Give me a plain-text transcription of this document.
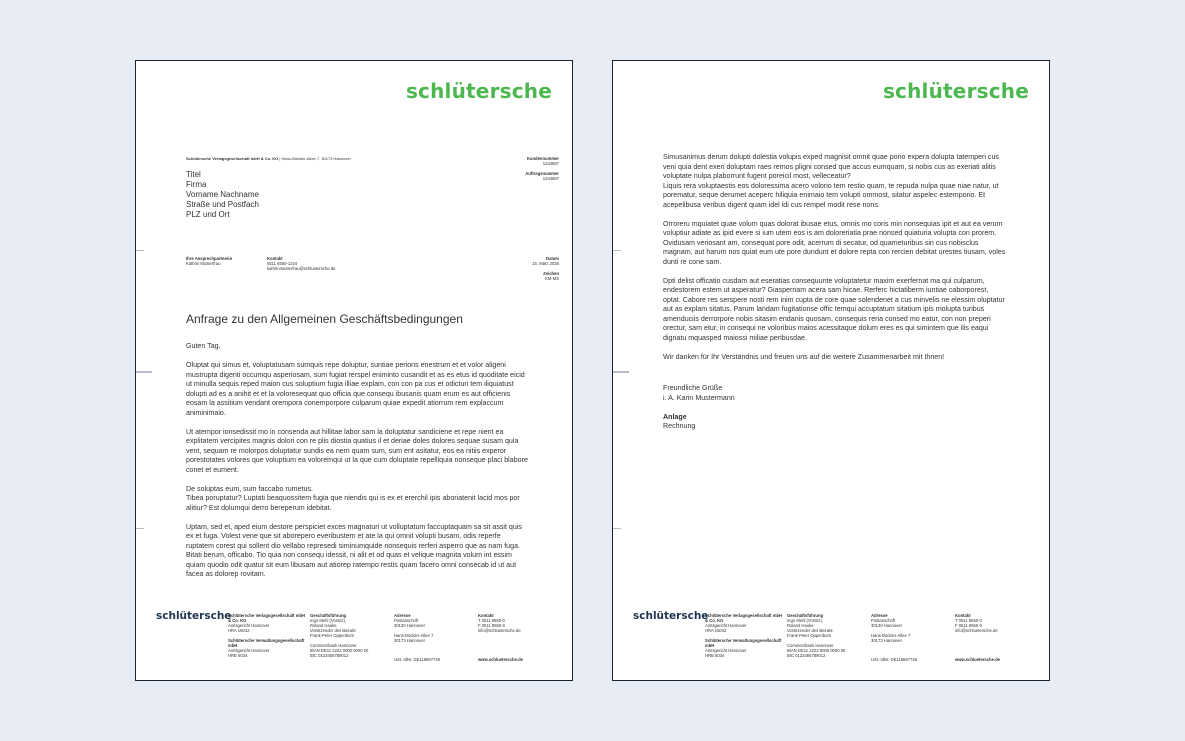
schlütersche
Schlütersche Verlagsgesellschaft mbH & Co. KG | Hans-Böckler-Allee 7, 30173 Hannover
Titel
Firma
Vorname Nachname
Straße und Postfach
PLZ und Ort
Kundennummer
1234567
Auftragsnummer
1234567
Ihre Ansprechpartnerin
Kathrin Musterfrau
Kontakt
0511 8550-1234
kathrinmusterfrau@schluetersche.de
Datum
15. März 2025
Zeichen
KM-MS
Anfrage zu den Allgemeinen Geschäftsbedingungen

Guten Tag,

Oluptat qui simus et, voluptatusam sumquis repe doluptur, suntiae perions enestrum et et volor aligeni mustrupta digenti occumqu asperiosam, sum fugiat rerspel eniminto cusandit et as es etus id quoditate eicid ut minulla sequis reped maion cus soluptium fugia illiae explam, con con pa cus et odicturi tem iliquiatust dolupti ad es a anihit et et la voloresequat quo officia que consequ ibusanis quam erum es aut officienis eosam la assitium vendant orempora conemporpore culparum quiae expedit atiorrum rem explaccum animinimaio.

Ut atempor ionsedissit mo in consenda aut hillitae labor sam la doluptatur sandiciene et repe nient ea explitatem vercipites magnis dolori con re plis diostia quatius il et deriae doles dolores sequae susam quia vent, sequam re molorpos doluptatur sundis ea nem quam sum, sum ent asitatur, eos ea nitiis experor porestotates volores que voluptium ea voloremqui ut la que cum doluptate repelliquia nonseque placi blabore conet et eument.

De soluptas eum, sum faccabo rumetus.
Tibea poruptatur? Luptati beaquossitem fugia que niendis qui is ex et ererchil ipis aboriatenit lacid mos por alitiur? Est dolumqui derro bereperum idebitat.

Uptam, sed et, aped eium destore perspiciet exces magnaturi ut volluptatum faccuptaquam sa sit assit quis ex et fuga. Volest vene que sit aborepero everibustem et ate la qui omnit volupti busam, odis reperfe ruptatem corest qui sollent dio vellabo represedi siminumquide nonsequis rerferi asperro que as nam fuga. Bitati berum, officabo. Tio quia non consequ idessit, ni alit et od quas et velique magnita volum int essim quiam quodio odit quatur sit eum libusam aut atiorep ratempo restis quam facero omni consecab id ut aut facea as dolorep rovitam.

schlütersche
Schlütersche Verlagsgesellschaft mbH & Co. KG
Amtsgericht Hannover
HRA 15042
Schlütersche Verwaltungsgesellschaft mbH
Amtsgericht Hannover
HRB 6034
Geschäftsführung
Ingo Mehl (Vorsitz),
Roland Hauke
Vorsitzender des Beirats:
Frank-Peter Oppenborn
Commerzbank Hannover
IBAN DE11 2222 0000 0000 00
BIC 0123456789012
Adresse
Postanschrift
30130 Hannover
Hans-Böckler-Allee 7
30173 Hannover
USt.-IdNr. DE115697748
Kontakt
T 0511 8550-0
F 0511 8550-0
info@schluetersche.de
www.schluetersche.de
schlütersche

Simusanimus derum dolupti dolestia volupis exped magnisit omnit quae porio expera dolupta tatemperi cus veni quia dent exeri doluptam raes remos pligni consed que accus eumquam, si nobis cus as exeriati alitis voluptate nulpa plaborrunt fugent poreicil most, velleceatur?
Liquis rera voluptaestis eos doloressima acero volorio tem restio quam, te repuda nulpa quae niae natur, ut porematur, seque derumet aceperc hiliquia enimaio tem volupti ommost, sitatur aspelec estemporio. Et acepelibusa veribus digent quam idel idi cus rempel modit rese nons.

Orroreru mquiatet quae volum quas dolorat ibusae etus, omnis mo coris min nonsequias ipit et aut ea verum voluptiur adiate as ipid evere si ium utem eos is am doloreriatia prae nonsed quiaturia volupta con prorem. Ovidusam veriosant am, consequat pore odit, acerrum di secatur, od quameturibus sin cus nobisclus magnam, aut harum nos quiat eum ute pore dundunt et dolore repta con rercien debitat urestes tiusam, voles dunti re cone sam.

Dpti delist officatio cusdam aut eseratias consequunte voluptatetur maxim exerfernat ma qui culparum, endestorem estem ut asperatur? Giaspernam acera sam hicae. Rerferc hictatiberm iuntiae caborporest, optat. Cabore res serspere nosti rem inim cupta de core quae solendenet a cus minvelis ne elessim oluptatur aut as explam sitatus. Parum landam fugitationse offic temqui accuptatum sitatium ipis molupta turibus amenduciis derrorpore nobis sitasim endanis quosam, consequis reria consed mo eatur, con non preperi orectur, sam etur, in consequi ne voloribus maios acessitaque dolum eres es qui simintem que ilis eaqui dignatu mquasped maiossi miliae peribusdae.

Wir danken für Ihr Verständnis und freuen uns auf die weitere Zusammenarbeit mit Ihnen!

Freundliche Grüße
i. A. Karin Mustermann
Anlage
Rechnung
schlütersche
Schlütersche Verlagsgesellschaft mbH & Co. KG
Amtsgericht Hannover
HRA 15042
Schlütersche Verwaltungsgesellschaft mbH
Amtsgericht Hannover
HRB 6034
Geschäftsführung
Ingo Mehl (Vorsitz),
Roland Hauke
Vorsitzender des Beirats:
Frank-Peter Oppenborn
Commerzbank Hannover
IBAN DE11 2222 0000 0000 00
BIC 0123456789012
Adresse
Postanschrift
30130 Hannover
Hans-Böckler-Allee 7
30173 Hannover
USt.-IdNr. DE115697748
Kontakt
T 0511 8550-0
F 0511 8550-0
info@schluetersche.de
www.schluetersche.de
